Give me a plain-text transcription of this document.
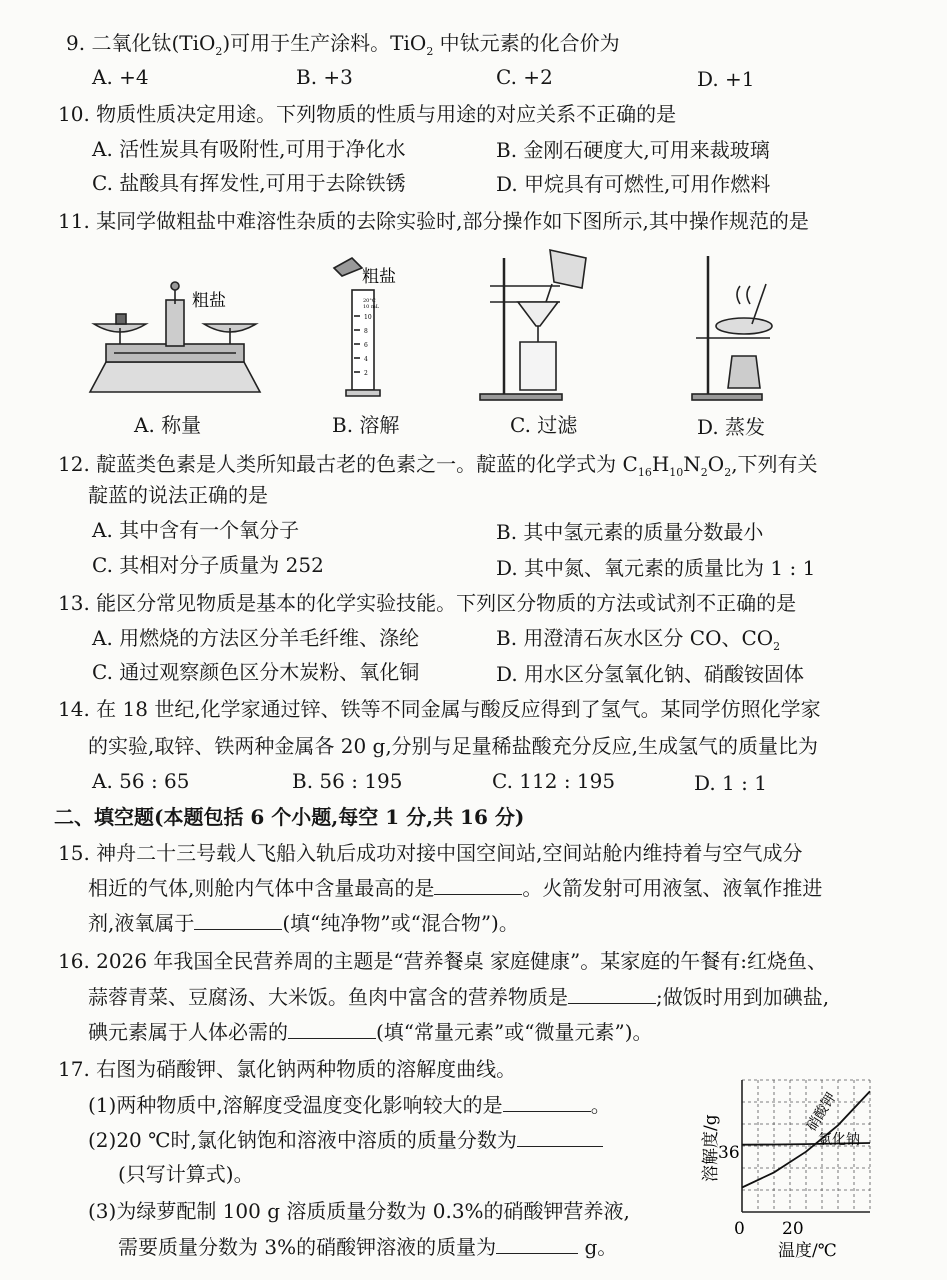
9. 二氧化钛(TiO$_2$)可用于生产涂料。TiO$_2$ 中钛元素的化合价为
A. +4	B. +3	C. +2	D. +1
10. 物质性质决定用途。下列物质的性质与用途的对应关系不正确的是
A. 活性炭具有吸附性,可用于净化水	B. 金刚石硬度大,可用来裁玻璃
C. 盐酸具有挥发性,可用于去除铁锈	D. 甲烷具有可燃性,可用作燃料
11. 某同学做粗盐中难溶性杂质的去除实验时,部分操作如下图所示,其中操作规范的是
粗盐
粗盐
20°C
10 mL
10
8
6
4
2
A. 称量	B. 溶解	C. 过滤	D. 蒸发
12. 靛蓝类色素是人类所知最古老的色素之一。靛蓝的化学式为 $C_{16}H_{10}N_2O_2$,下列有关
靛蓝的说法正确的是
A. 其中含有一个氧分子	B. 其中氢元素的质量分数最小
C. 其相对分子质量为 252	D. 其中氮、氧元素的质量比为 1 : 1
13. 能区分常见物质是基本的化学实验技能。下列区分物质的方法或试剂不正确的是
A. 用燃烧的方法区分羊毛纤维、涤纶	B. 用澄清石灰水区分 CO、$CO_2$
C. 通过观察颜色区分木炭粉、氧化铜	D. 用水区分氢氧化钠、硝酸铵固体
14. 在 18 世纪,化学家通过锌、铁等不同金属与酸反应得到了氢气。某同学仿照化学家
的实验,取锌、铁两种金属各 20 g,分别与足量稀盐酸充分反应,生成氢气的质量比为
A. 56 : 65	B. 56 : 195	C. 112 : 195	D. 1 : 1
二、填空题(本题包括 6 个小题,每空 1 分,共 16 分)
15. 神舟二十三号载人飞船入轨后成功对接中国空间站,空间站舱内维持着与空气成分
相近的气体,则舱内气体中含量最高的是	。火箭发射可用液氢、液氧作推进
剂,液氧属于	(填“纯净物”或“混合物”)。
16. 2026 年我国全民营养周的主题是“营养餐桌 家庭健康”。某家庭的午餐有:红烧鱼、
蒜蓉青菜、豆腐汤、大米饭。鱼肉中富含的营养物质是	;做饭时用到加碘盐,
碘元素属于人体必需的	(填“常量元素”或“微量元素”)。
17. 右图为硝酸钾、氯化钠两种物质的溶解度曲线。
(1)两种物质中,溶解度受温度变化影响较大的是	。
(2)20 ℃时,氯化钠饱和溶液中溶质的质量分数为
(只写计算式)。
(3)为绿萝配制 100 g 溶质质量分数为 0.3%的硝酸钾营养液,
需要质量分数为 3%的硝酸钾溶液的质量为	g。
溶解度/g
温度/℃
0 20
36
硝酸钾
氯化钠
